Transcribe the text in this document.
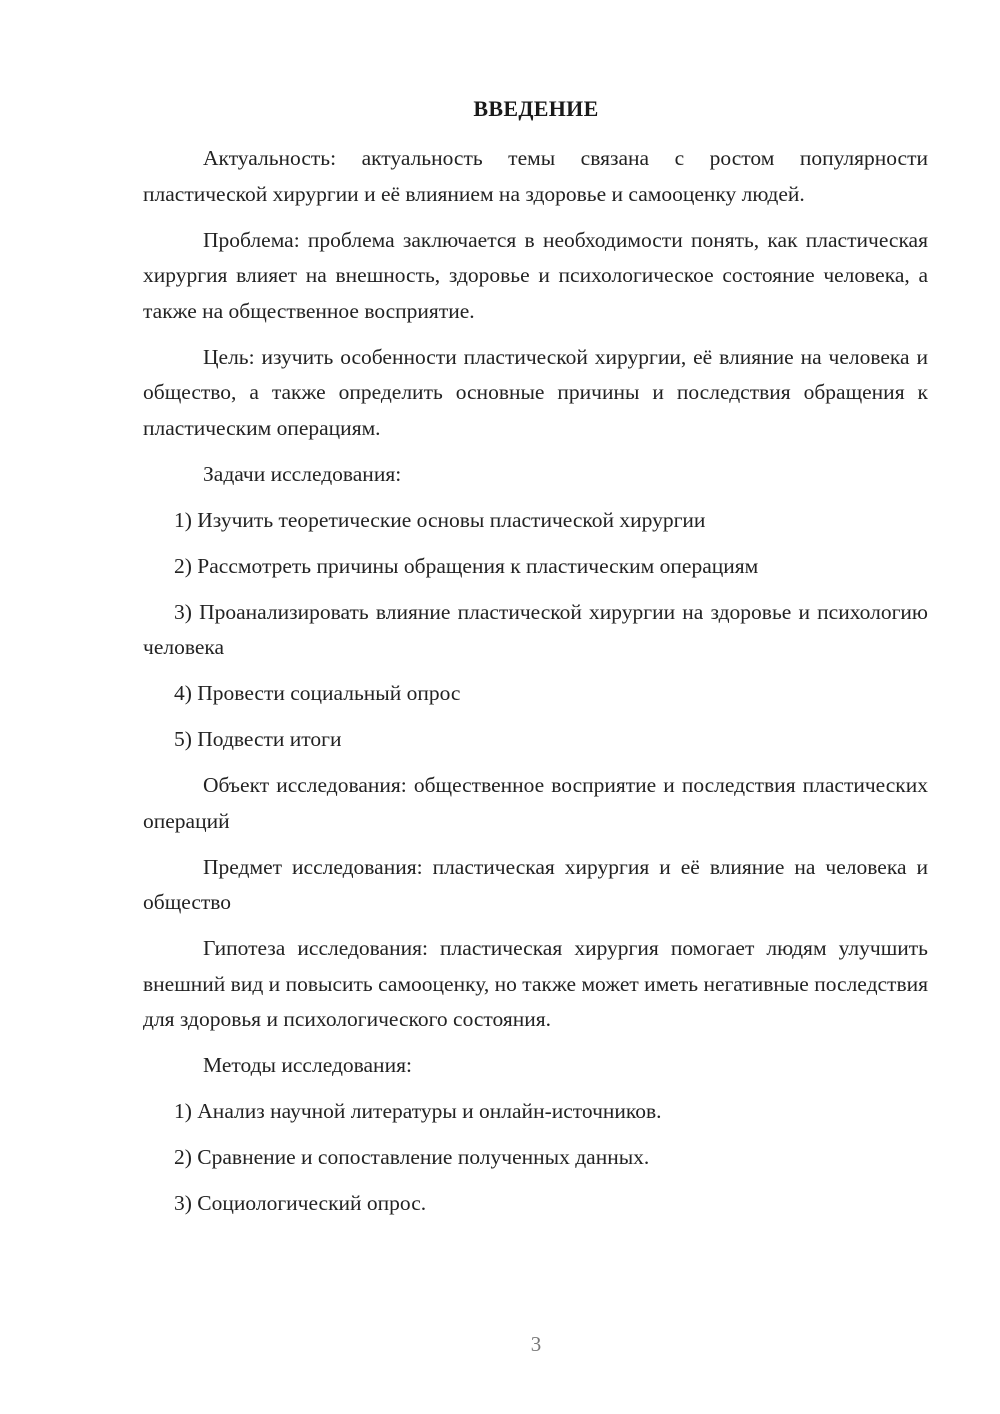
ВВЕДЕНИЕ

Актуальность: актуальность темы связана с ростом популярности пластической хирургии и её влиянием на здоровье и самооценку людей.

Проблема: проблема заключается в необходимости понять, как пластическая хирургия влияет на внешность, здоровье и психологическое состояние человека, а также на общественное восприятие.

Цель: изучить особенности пластической хирургии, её влияние на человека и общество, а также определить основные причины и последствия обращения к пластическим операциям.

Задачи исследования:

1) Изучить теоретические основы пластической хирургии

2) Рассмотреть причины обращения к пластическим операциям

3) Проанализировать влияние пластической хирургии на здоровье и психологию человека

4) Провести социальный опрос

5) Подвести итоги

Объект исследования: общественное восприятие и последствия пластических операций

Предмет исследования: пластическая хирургия и её влияние на человека и общество

Гипотеза исследования: пластическая хирургия помогает людям улучшить внешний вид и повысить самооценку, но также может иметь негативные последствия для здоровья и психологического состояния.

Методы исследования:

1) Анализ научной литературы и онлайн-источников.

2) Сравнение и сопоставление полученных данных.

3) Социологический опрос.

3
